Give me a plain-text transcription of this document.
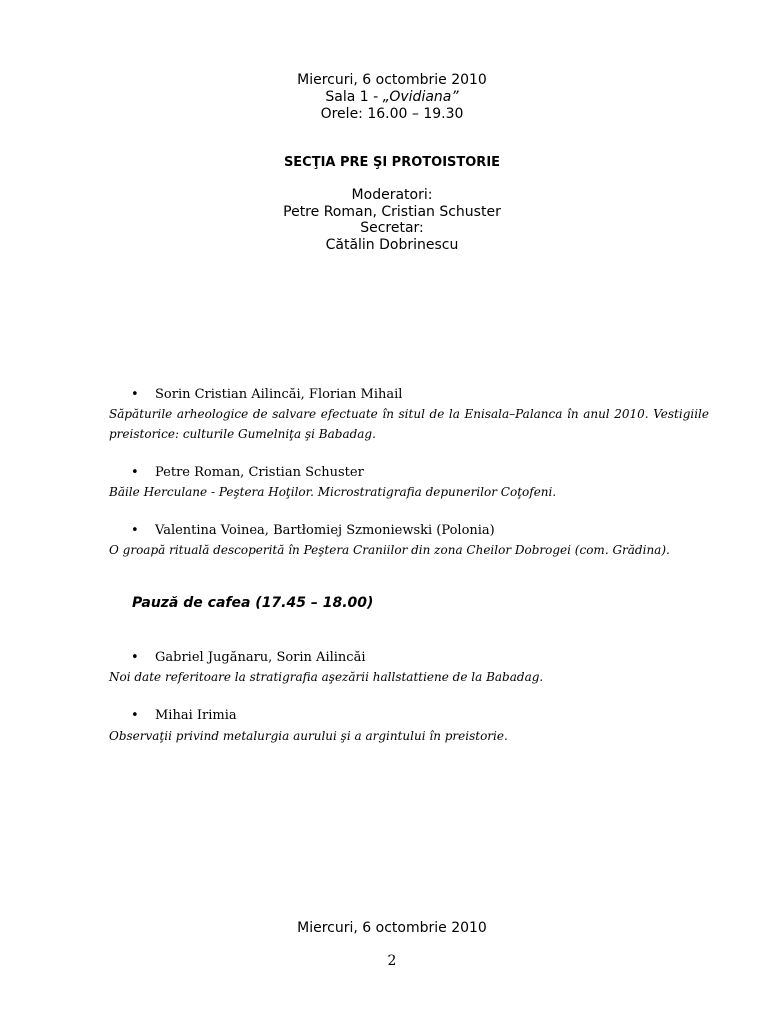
Miercuri, 6 octombrie 2010
Sala 1 - „Ovidiana”
Orele: 16.00 – 19.30
SECŢIA PRE ŞI PROTOISTORIE
Moderatori:
Petre Roman, Cristian Schuster
Secretar:
Cătălin Dobrinescu
• Sorin Cristian Ailincăi, Florian Mihail
Săpăturile arheologice de salvare efectuate în situl de la Enisala–Palanca în anul 2010. Vestigiile
preistorice: culturile Gumelniţa şi Babadag.
• Petre Roman, Cristian Schuster
Băile Herculane - Peştera Hoţilor. Microstratigrafia depunerilor Coţofeni.
• Valentina Voinea, Bartłomiej Szmoniewski (Polonia)
O groapă rituală descoperită în Peştera Craniilor din zona Cheilor Dobrogei (com. Grădina).
Pauză de cafea (17.45 – 18.00)
• Gabriel Jugănaru, Sorin Ailincăi
Noi date referitoare la stratigrafia aşezării hallstattiene de la Babadag.
• Mihai Irimia
Observaţii privind metalurgia aurului şi a argintului în preistorie.
Miercuri, 6 octombrie 2010
2
